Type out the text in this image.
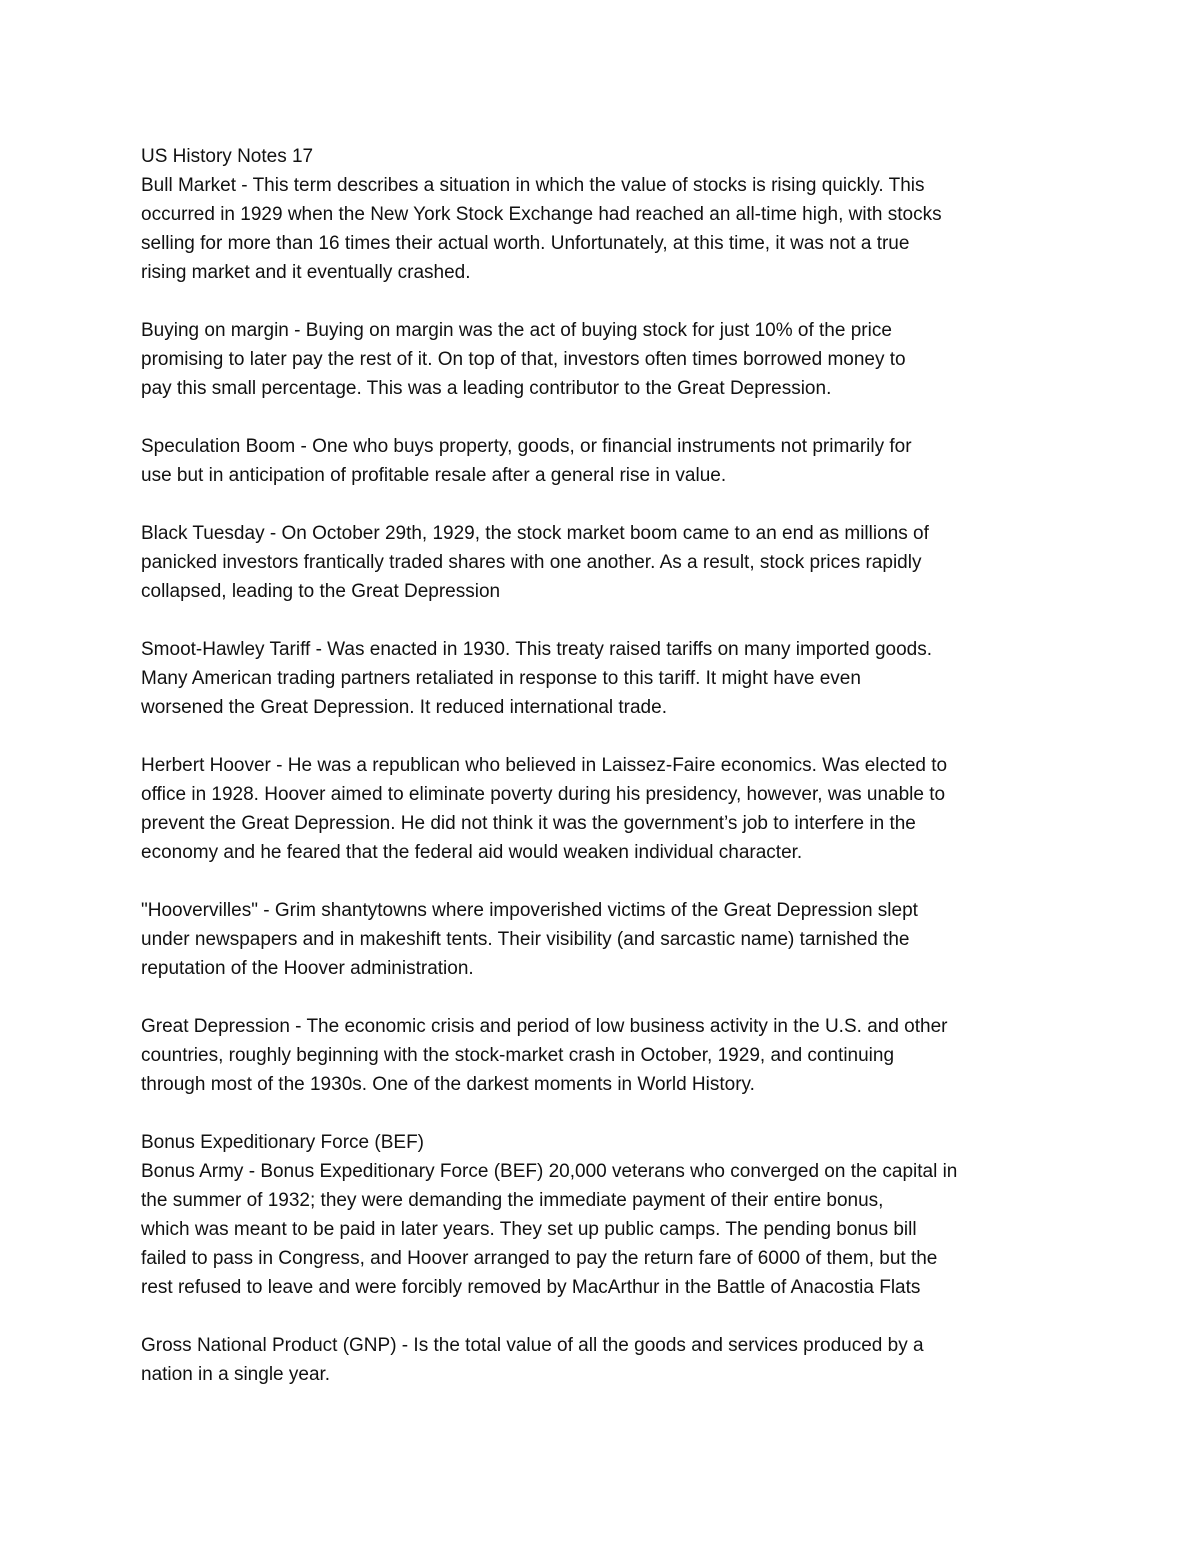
US History Notes 17
Bull Market - This term describes a situation in which the value of stocks is rising quickly. This
occurred in 1929 when the New York Stock Exchange had reached an all-time high, with stocks
selling for more than 16 times their actual worth. Unfortunately, at this time, it was not a true
rising market and it eventually crashed.
Buying on margin - Buying on margin was the act of buying stock for just 10% of the price
promising to later pay the rest of it. On top of that, investors often times borrowed money to
pay this small percentage. This was a leading contributor to the Great Depression.
Speculation Boom - One who buys property, goods, or financial instruments not primarily for
use but in anticipation of profitable resale after a general rise in value.
Black Tuesday - On October 29th, 1929, the stock market boom came to an end as millions of
panicked investors frantically traded shares with one another. As a result, stock prices rapidly
collapsed, leading to the Great Depression
Smoot-Hawley Tariff - Was enacted in 1930. This treaty raised tariffs on many imported goods.
Many American trading partners retaliated in response to this tariff. It might have even
worsened the Great Depression. It reduced international trade.
Herbert Hoover - He was a republican who believed in Laissez-Faire economics. Was elected to
office in 1928. Hoover aimed to eliminate poverty during his presidency, however, was unable to
prevent the Great Depression. He did not think it was the government’s job to interfere in the
economy and he feared that the federal aid would weaken individual character.
"Hoovervilles" - Grim shantytowns where impoverished victims of the Great Depression slept
under newspapers and in makeshift tents. Their visibility (and sarcastic name) tarnished the
reputation of the Hoover administration.
Great Depression - The economic crisis and period of low business activity in the U.S. and other
countries, roughly beginning with the stock-market crash in October, 1929, and continuing
through most of the 1930s. One of the darkest moments in World History.
Bonus Expeditionary Force (BEF)
Bonus Army - Bonus Expeditionary Force (BEF) 20,000 veterans who converged on the capital in
the summer of 1932; they were demanding the immediate payment of their entire bonus,
which was meant to be paid in later years. They set up public camps. The pending bonus bill
failed to pass in Congress, and Hoover arranged to pay the return fare of 6000 of them, but the
rest refused to leave and were forcibly removed by MacArthur in the Battle of Anacostia Flats
Gross National Product (GNP) - Is the total value of all the goods and services produced by a
nation in a single year.
